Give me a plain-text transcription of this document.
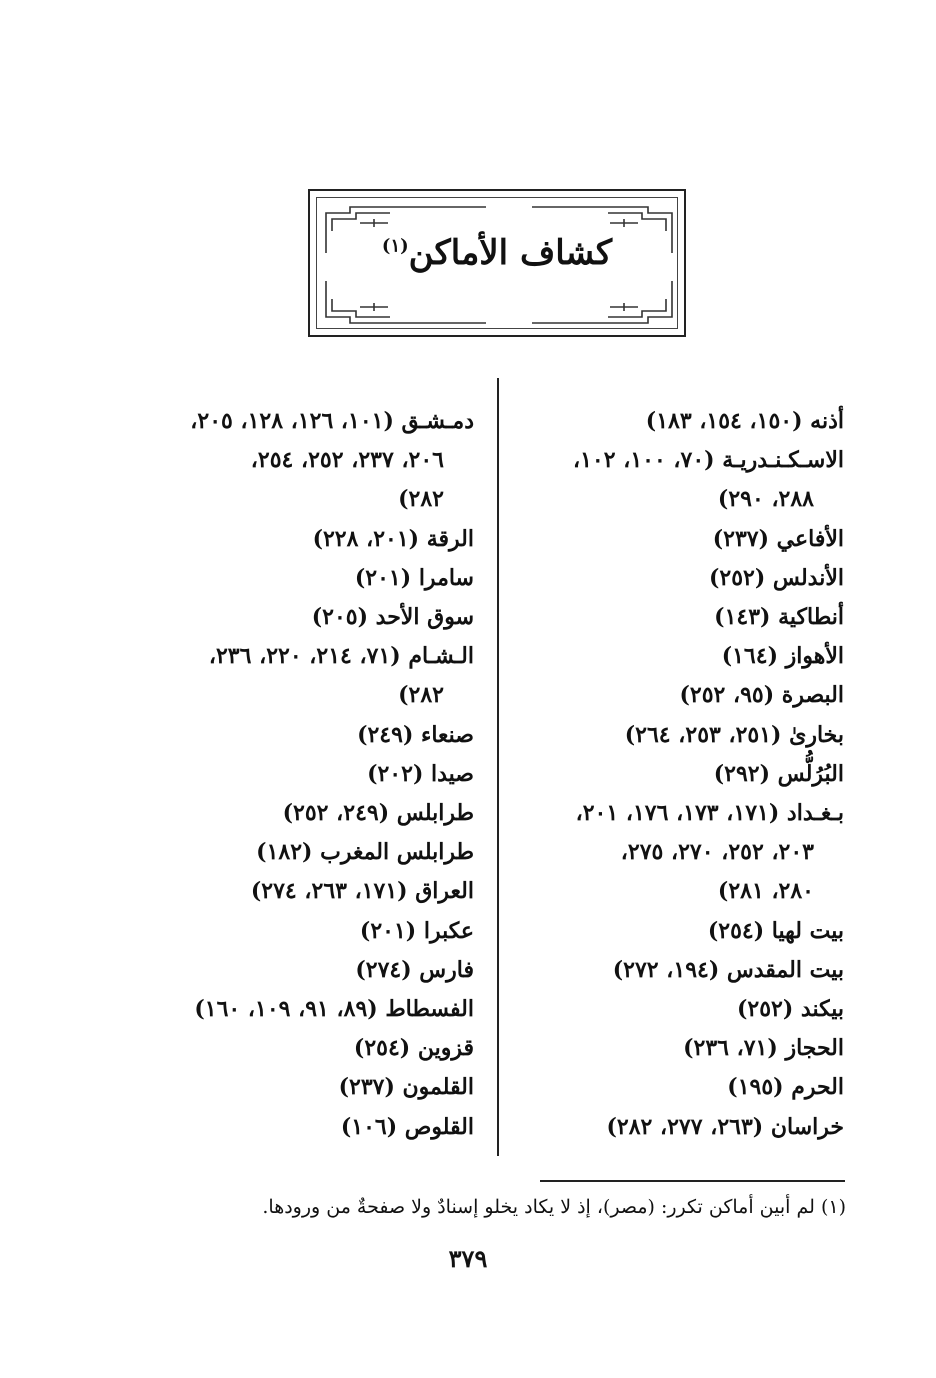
كشاف الأماكن$^{(١)}$
أذنه (١٥٠، ١٥٤، ١٨٣)
الاسـكـنـدريـة (٧٠، ١٠٠، ١٠٢،
٢٨٨، ٢٩٠)
الأفاعي (٢٣٧)
الأندلس (٢٥٢)
أنطاكية (١٤٣)
الأهواز (١٦٤)
البصرة (٩٥، ٢٥٢)
بخارىٰ (٢٥١، ٢٥٣، ٢٦٤)
البُرُلُّس (٢٩٢)
بـغـداد (١٧١، ١٧٣، ١٧٦، ٢٠١،
٢٠٣، ٢٥٢، ٢٧٠، ٢٧٥،
٢٨٠، ٢٨١)
بيت لهيا (٢٥٤)
بيت المقدس (١٩٤، ٢٧٢)
بيكند (٢٥٢)
الحجاز (٧١، ٢٣٦)
الحرم (١٩٥)
خراسان (٢٦٣، ٢٧٧، ٢٨٢)
دمـشـق (١٠١، ١٢٦، ١٢٨، ٢٠٥،
٢٠٦، ٢٣٧، ٢٥٢، ٢٥٤،
٢٨٢)
الرقة (٢٠١، ٢٢٨)
سامرا (٢٠١)
سوق الأحد (٢٠٥)
الـشـام (٧١، ٢١٤، ٢٢٠، ٢٣٦،
٢٨٢)
صنعاء (٢٤٩)
صيدا (٢٠٢)
طرابلس (٢٤٩، ٢٥٢)
طرابلس المغرب (١٨٢)
العراق (١٧١، ٢٦٣، ٢٧٤)
عكبرا (٢٠١)
فارس (٢٧٤)
الفسطاط (٨٩، ٩١، ١٠٩، ١٦٠)
قزوين (٢٥٤)
القلمون (٢٣٧)
القلوص (١٠٦)
(١) لم أبين أماكن تكرر: (مصر)، إذ لا يكاد يخلو إسنادٌ ولا صفحةٌ من ورودها.
٣٧٩
